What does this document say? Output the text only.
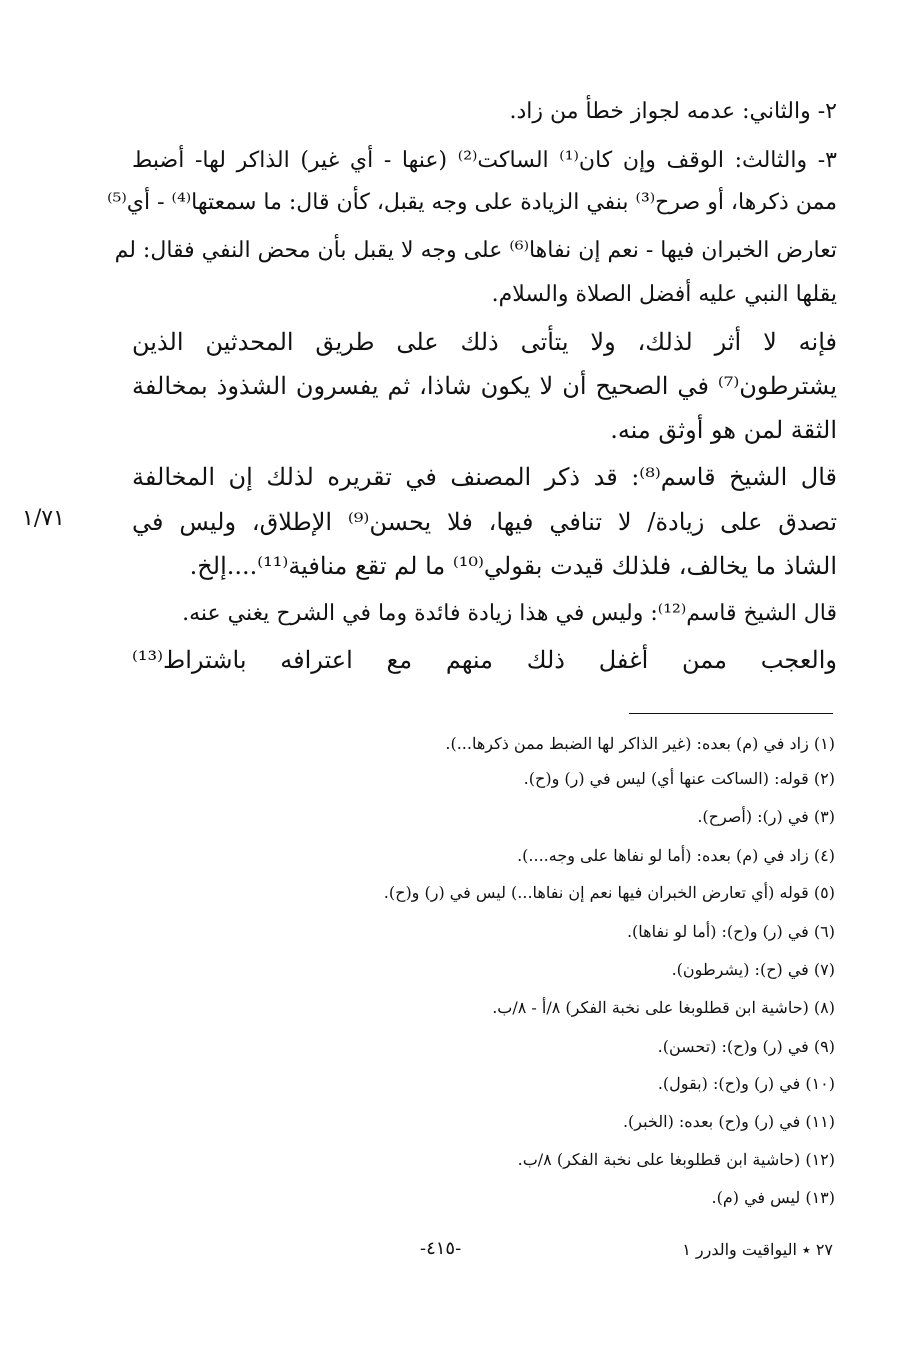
٢- والثاني: عدمه لجواز خطأ من زاد.
٣- والثالث: الوقف وإن كان⁽¹⁾ الساكت⁽²⁾ (عنها - أي غير) الذاكر لها- أضبط
ممن ذكرها، أو صرح⁽³⁾ بنفي الزيادة على وجه يقبل، كأن قال: ما سمعتها⁽⁴⁾ - أي⁽⁵⁾
تعارض الخبران فيها - نعم إن نفاها⁽⁶⁾ على وجه لا يقبل بأن محض النفي فقال: لم
يقلها النبي عليه أفضل الصلاة والسلام.
فإنه لا أثر لذلك، ولا يتأتى ذلك على طريق المحدثين الذين
يشترطون⁽⁷⁾ في الصحيح أن لا يكون شاذا، ثم يفسرون الشذوذ بمخالفة
الثقة لمن هو أوثق منه.
قال الشيخ قاسم⁽⁸⁾: قد ذكر المصنف في تقريره لذلك إن المخالفة
تصدق على زيادة/ لا تنافي فيها، فلا يحسن⁽⁹⁾ الإطلاق، وليس في
الشاذ ما يخالف، فلذلك قيدت بقولي⁽¹⁰⁾ ما لم تقع منافية⁽¹¹⁾....إلخ.
قال الشيخ قاسم⁽¹²⁾: وليس في هذا زيادة فائدة وما في الشرح يغني عنه.
والعجب ممن أغفل ذلك منهم مع اعترافه باشتراط⁽¹³⁾
١/٧١
(١) زاد في (م) بعده: (غير الذاكر لها الضبط ممن ذكرها...).
(٢) قوله: (الساكت عنها أي) ليس في (ر) و(ح).
(٣) في (ر): (أصرح).
(٤) زاد في (م) بعده: (أما لو نفاها على وجه....).
(٥) قوله (أي تعارض الخبران فيها نعم إن نفاها...) ليس في (ر) و(ح).
(٦) في (ر) و(ح): (أما لو نفاها).
(٧) في (ح): (يشرطون).
(٨) (حاشية ابن قطلوبغا على نخبة الفكر) ٨/أ - ٨/ب.
(٩) في (ر) و(ح): (تحسن).
(١٠) في (ر) و(ح): (بقول).
(١١) في (ر) و(ح) بعده: (الخبر).
(١٢) (حاشية ابن قطلوبغا على نخبة الفكر) ٨/ب.
(١٣) ليس في (م).
-٤١٥-	٢٧ ٭ اليواقيت والدرر ١
